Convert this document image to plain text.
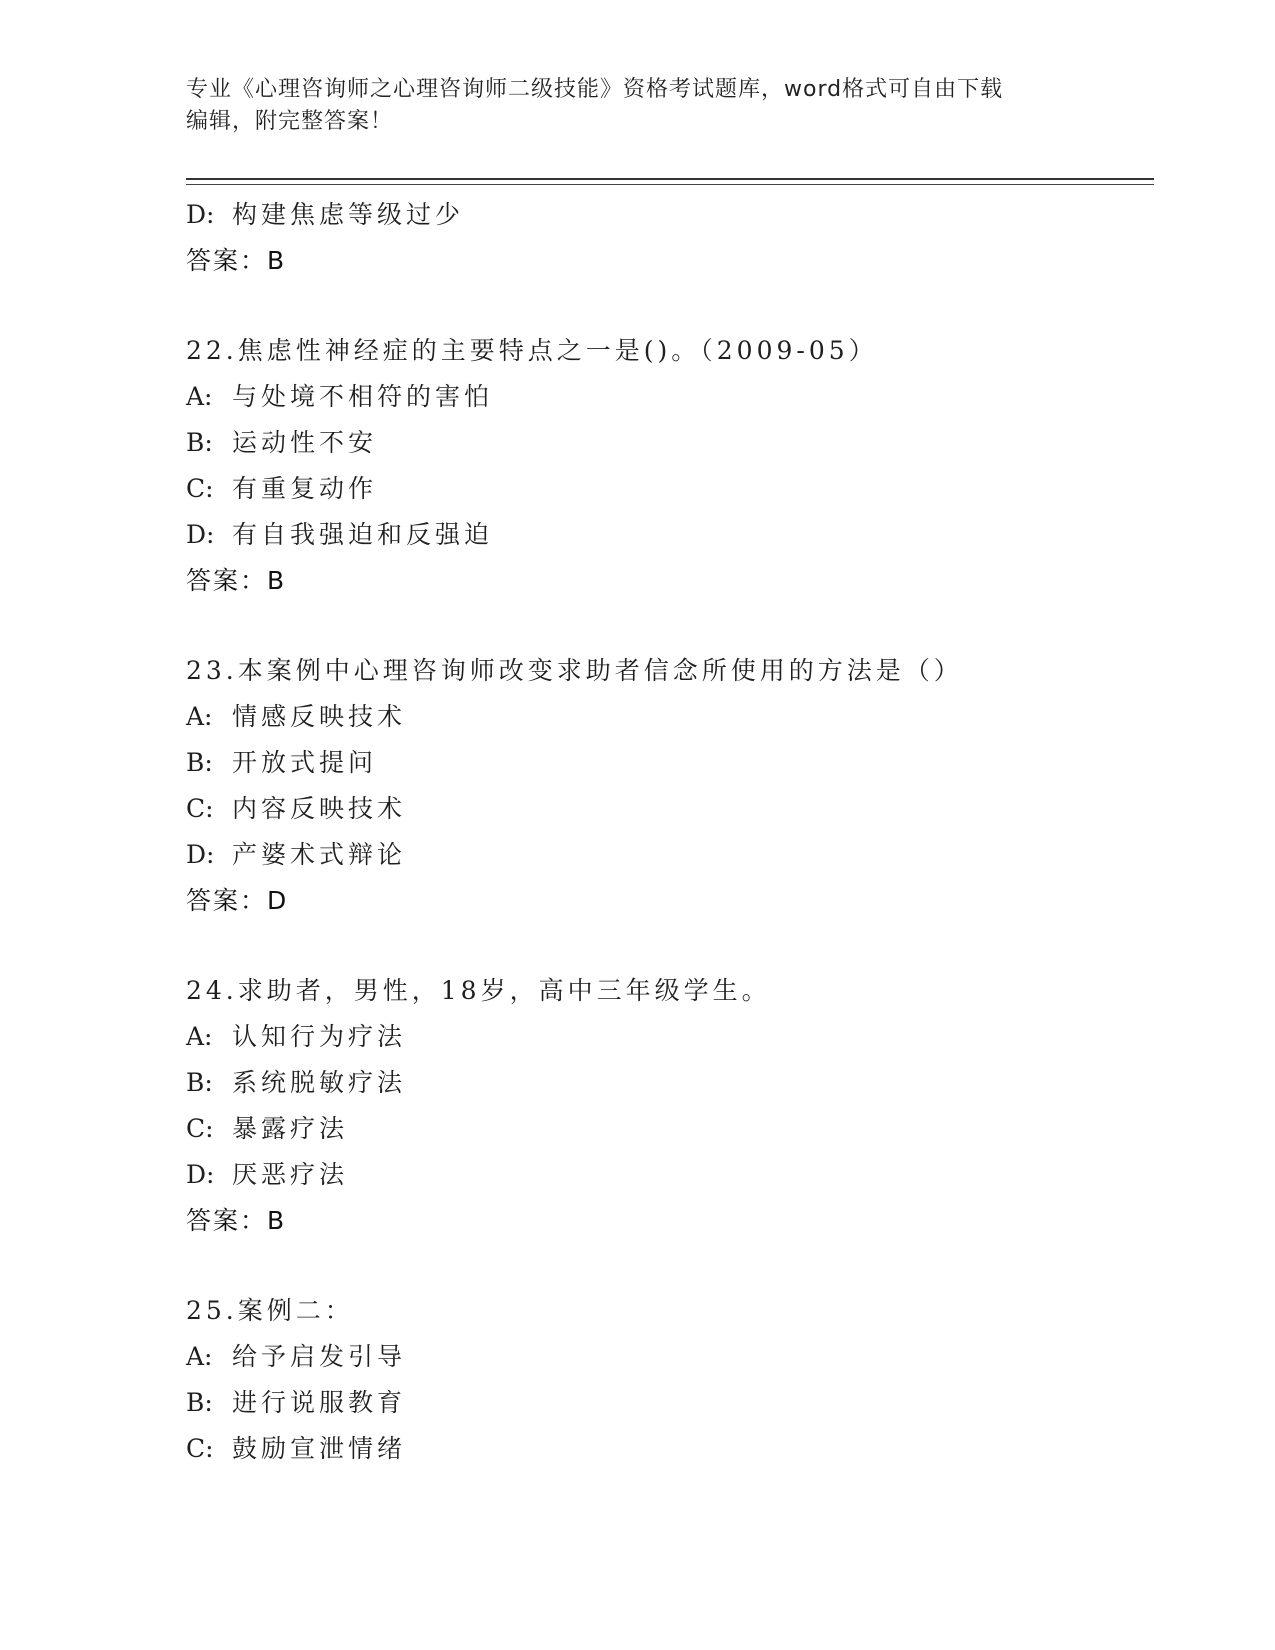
专业《心理咨询师之心理咨询师二级技能》资格考试题库，word格式可自由下载
编辑，附完整答案！
D: 构建焦虑等级过少
答案：B
22.焦虑性神经症的主要特点之一是()。（2009-05）
A: 与处境不相符的害怕
B: 运动性不安
C: 有重复动作
D: 有自我强迫和反强迫
答案：B
23.本案例中心理咨询师改变求助者信念所使用的方法是（）
A: 情感反映技术
B: 开放式提问
C: 内容反映技术
D: 产婆术式辩论
答案：D
24.求助者，男性，18岁，高中三年级学生。
A: 认知行为疗法
B: 系统脱敏疗法
C: 暴露疗法
D: 厌恶疗法
答案：B
25.案例二：
A: 给予启发引导
B: 进行说服教育
C: 鼓励宣泄情绪
